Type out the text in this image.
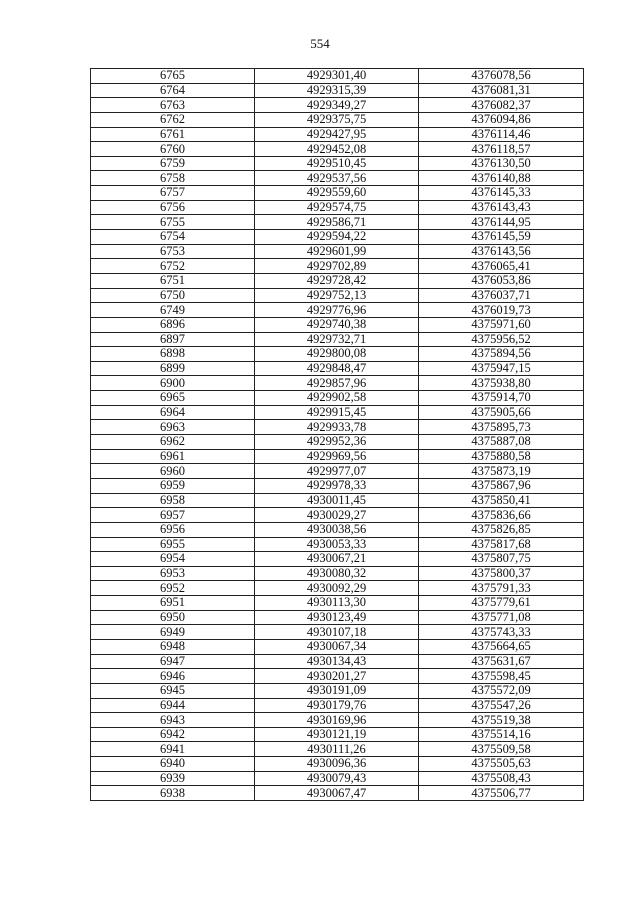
554
6765	4929301,40	4376078,56
6764	4929315,39	4376081,31
6763	4929349,27	4376082,37
6762	4929375,75	4376094,86
6761	4929427,95	4376114,46
6760	4929452,08	4376118,57
6759	4929510,45	4376130,50
6758	4929537,56	4376140,88
6757	4929559,60	4376145,33
6756	4929574,75	4376143,43
6755	4929586,71	4376144,95
6754	4929594,22	4376145,59
6753	4929601,99	4376143,56
6752	4929702,89	4376065,41
6751	4929728,42	4376053,86
6750	4929752,13	4376037,71
6749	4929776,96	4376019,73
6896	4929740,38	4375971,60
6897	4929732,71	4375956,52
6898	4929800,08	4375894,56
6899	4929848,47	4375947,15
6900	4929857,96	4375938,80
6965	4929902,58	4375914,70
6964	4929915,45	4375905,66
6963	4929933,78	4375895,73
6962	4929952,36	4375887,08
6961	4929969,56	4375880,58
6960	4929977,07	4375873,19
6959	4929978,33	4375867,96
6958	4930011,45	4375850,41
6957	4930029,27	4375836,66
6956	4930038,56	4375826,85
6955	4930053,33	4375817,68
6954	4930067,21	4375807,75
6953	4930080,32	4375800,37
6952	4930092,29	4375791,33
6951	4930113,30	4375779,61
6950	4930123,49	4375771,08
6949	4930107,18	4375743,33
6948	4930067,34	4375664,65
6947	4930134,43	4375631,67
6946	4930201,27	4375598,45
6945	4930191,09	4375572,09
6944	4930179,76	4375547,26
6943	4930169,96	4375519,38
6942	4930121,19	4375514,16
6941	4930111,26	4375509,58
6940	4930096,36	4375505,63
6939	4930079,43	4375508,43
6938	4930067,47	4375506,77
